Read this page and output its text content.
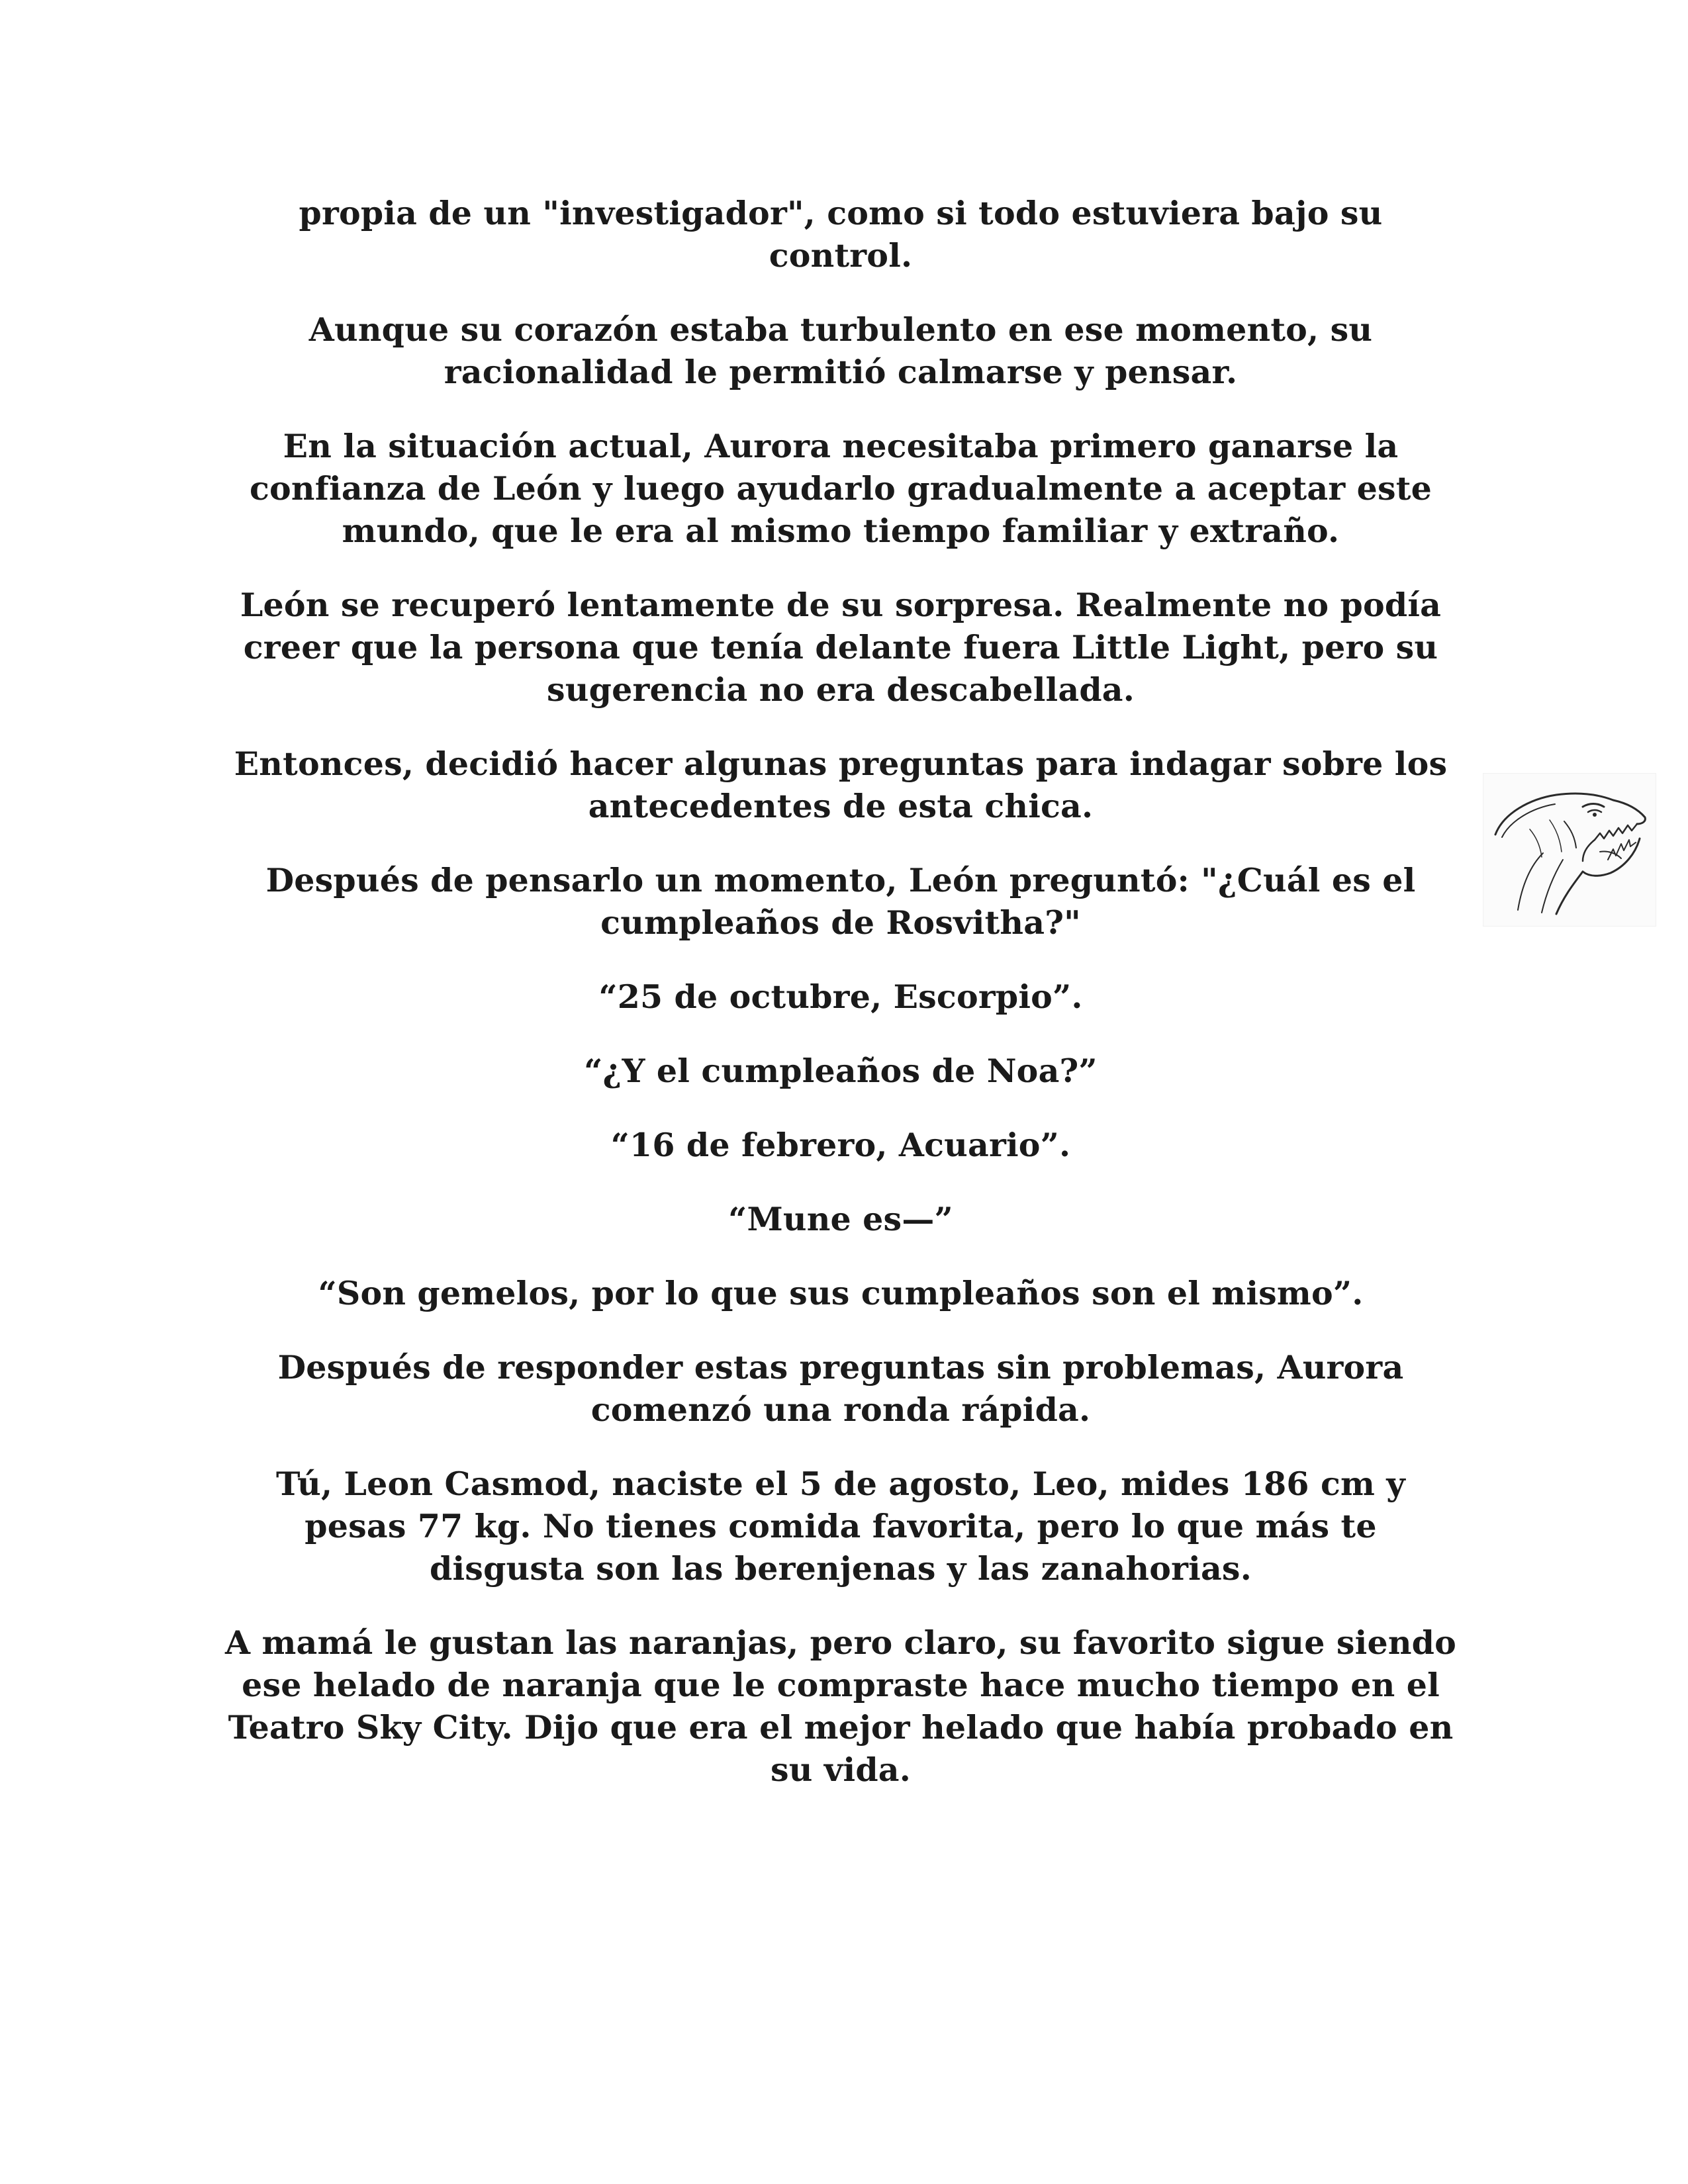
propia de un "investigador", como si todo estuviera bajo su control.

Aunque su corazón estaba turbulento en ese momento, su racionalidad le permitió calmarse y pensar.

En la situación actual, Aurora necesitaba primero ganarse la confianza de León y luego ayudarlo gradualmente a aceptar este mundo, que le era al mismo tiempo familiar y extraño.

León se recuperó lentamente de su sorpresa. Realmente no podía creer que la persona que tenía delante fuera Little Light, pero su sugerencia no era descabellada.

Entonces, decidió hacer algunas preguntas para indagar sobre los antecedentes de esta chica.

Después de pensarlo un momento, León preguntó: "¿Cuál es el cumpleaños de Rosvitha?"

“25 de octubre, Escorpio”.

“¿Y el cumpleaños de Noa?”

“16 de febrero, Acuario”.

“Mune es—”

“Son gemelos, por lo que sus cumpleaños son el mismo”.

Después de responder estas preguntas sin problemas, Aurora comenzó una ronda rápida.

Tú, Leon Casmod, naciste el 5 de agosto, Leo, mides 186 cm y pesas 77 kg. No tienes comida favorita, pero lo que más te disgusta son las berenjenas y las zanahorias.

A mamá le gustan las naranjas, pero claro, su favorito sigue siendo ese helado de naranja que le compraste hace mucho tiempo en el Teatro Sky City. Dijo que era el mejor helado que había probado en su vida.
